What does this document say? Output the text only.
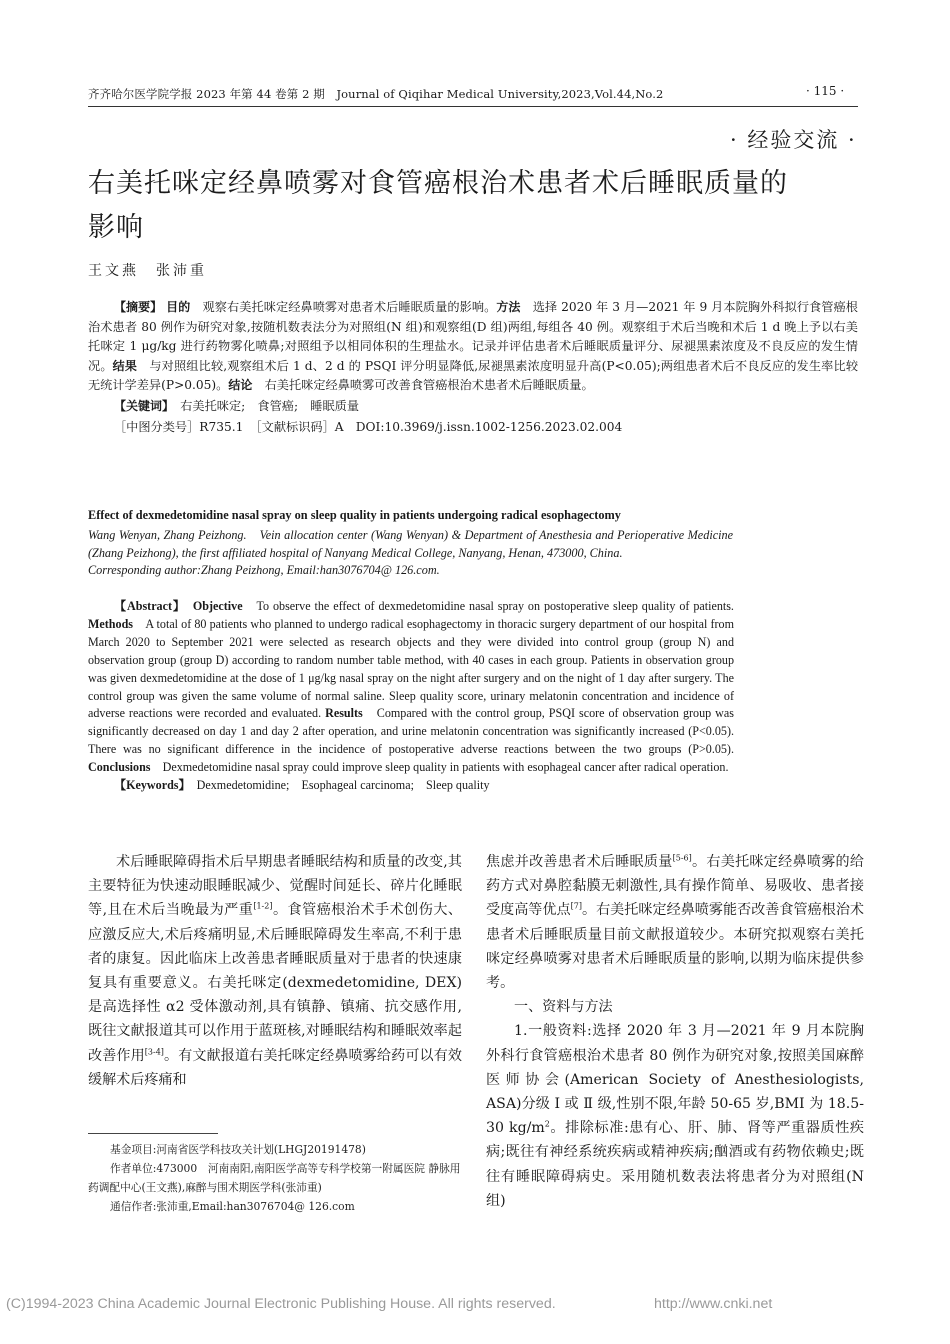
齐齐哈尔医学院学报 2023 年第 44 卷第 2 期　Journal of Qiqihar Medical University,2023,Vol.44,No.2	· 115 ·
· 经验交流 ·
右美托咪定经鼻喷雾对食管癌根治术患者术后睡眠质量的影响
王文燕　张沛重

【摘要】 目的　 观察右美托咪定经鼻喷雾对患者术后睡眠质量的影响。方法　 选择 2020 年 3 月—2021 年 9 月本院胸外科拟行食管癌根治术患者 80 例作为研究对象,按随机数表法分为对照组(N 组)和观察组(D 组)两组,每组各 40 例。观察组于术后当晚和术后 1 d 晚上予以右美托咪定 1 μg/kg 进行药物雾化喷鼻;对照组予以相同体积的生理盐水。记录并评估患者术后睡眠质量评分、尿褪黑素浓度及不良反应的发生情况。结果　 与对照组比较,观察组术后 1 d、2 d 的 PSQI 评分明显降低,尿褪黑素浓度明显升高(P<0.05);两组患者术后不良反应的发生率比较无统计学差异(P>0.05)。结论　 右美托咪定经鼻喷雾可改善食管癌根治术患者术后睡眠质量。

【关键词】　 右美托咪定;　食管癌;　睡眠质量

［中图分类号］R735.1　［文献标识码］A　DOI:10.3969/j.issn.1002-1256.2023.02.004

Effect of dexmedetomidine nasal spray on sleep quality in patients undergoing radical esophagectomy

Wang Wenyan, Zhang Peizhong.　Vein allocation center (Wang Wenyan) & Department of Anesthesia and Perioperative Medicine (Zhang Peizhong), the first affiliated hospital of Nanyang Medical College, Nanyang, Henan, 473000, China.

Corresponding author:Zhang Peizhong, Email:han3076704@ 126.com.

【Abstract】　 Objective　 To observe the effect of dexmedetomidine nasal spray on postoperative sleep quality of patients. Methods　 A total of 80 patients who planned to undergo radical esophagectomy in thoracic surgery department of our hospital from March 2020 to September 2021 were selected as research objects and they were divided into control group (group N) and observation group (group D) according to random number table method, with 40 cases in each group. Patients in observation group was given dexmedetomidine at the dose of 1 μg/kg nasal spray on the night after surgery and on the night of 1 day after surgery. The control group was given the same volume of normal saline. Sleep quality score, urinary melatonin concentration and incidence of adverse reactions were recorded and evaluated. Results　 Compared with the control group, PSQI score of observation group was significantly decreased on day 1 and day 2 after operation, and urine melatonin concentration was significantly increased (P<0.05). There was no significant difference in the incidence of postoperative adverse reactions between the two groups (P>0.05). Conclusions　 Dexmedetomidine nasal spray could improve sleep quality in patients with esophageal cancer after radical operation.

【Keywords】　 Dexmedetomidine;　Esophageal carcinoma;　Sleep quality

术后睡眠障碍指术后早期患者睡眠结构和质量的改变,其主要特征为快速动眼睡眠减少、觉醒时间延长、碎片化睡眠等,且在术后当晚最为严重[1-2]。食管癌根治术手术创伤大、应激反应大,术后疼痛明显,术后睡眠障碍发生率高,不利于患者的康复。因此临床上改善患者睡眠质量对于患者的快速康复具有重要意义。右美托咪定(dexmedetomidine, DEX)是高选择性 α2 受体激动剂,具有镇静、镇痛、抗交感作用,既往文献报道其可以作用于蓝斑核,对睡眠结构和睡眠效率起改善作用[3-4]。有文献报道右美托咪定经鼻喷雾给药可以有效缓解术后疼痛和

焦虑并改善患者术后睡眠质量[5-6]。右美托咪定经鼻喷雾的给药方式对鼻腔黏膜无刺激性,具有操作简单、易吸收、患者接受度高等优点[7]。右美托咪定经鼻喷雾能否改善食管癌根治术患者术后睡眠质量目前文献报道较少。本研究拟观察右美托咪定经鼻喷雾对患者术后睡眠质量的影响,以期为临床提供参考。

一、资料与方法

1.一般资料:选择 2020 年 3 月—2021 年 9 月本院胸外科行食管癌根治术患者 80 例作为研究对象,按照美国麻醉医师协会(American Society of Anesthesiologists, ASA)分级 Ⅰ 或 Ⅱ 级,性别不限,年龄 50-65 岁,BMI 为 18.5-30 $kg/m^2$。排除标准:患有心、肝、肺、肾等严重器质性疾病;既往有神经系统疾病或精神疾病;酗酒或有药物依赖史;既往有睡眠障碍病史。采用随机数表法将患者分为对照组(N 组)

基金项目:河南省医学科技攻关计划(LHGJ20191478)

作者单位:473000　河南南阳,南阳医学高等专科学校第一附属医院 静脉用药调配中心(王文燕),麻醉与围术期医学科(张沛重)

通信作者:张沛重,Email:han3076704@ 126.com

(C)1994-2023 China Academic Journal Electronic Publishing House. All rights reserved.	http://www.cnki.net
